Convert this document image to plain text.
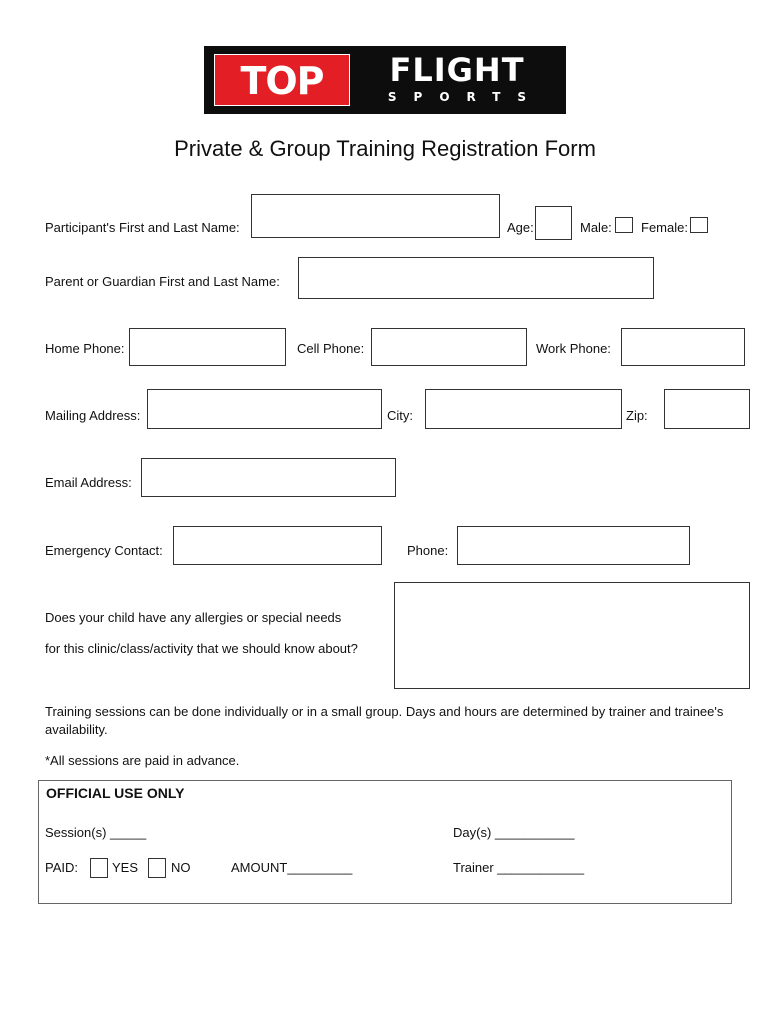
TOP	FLIGHT
SPORTS
Private & Group Training Registration Form
Participant's First and Last Name:	Age:	Male: Female:
Parent or Guardian First and Last Name:
Home Phone:	Cell Phone:	Work Phone:
Mailing Address:	City:	Zip:
Email Address:
Emergency Contact:	Phone:
Does your child have any allergies or special needs
for this clinic/class/activity that we should know about?
Training sessions can be done individually or in a small group. Days and hours are determined by trainer and trainee's availability.
*All sessions are paid in advance.
OFFICIAL USE ONLY
Session(s) _____	Day(s) ___________
PAID:	YES	NO	AMOUNT_________	Trainer ____________
